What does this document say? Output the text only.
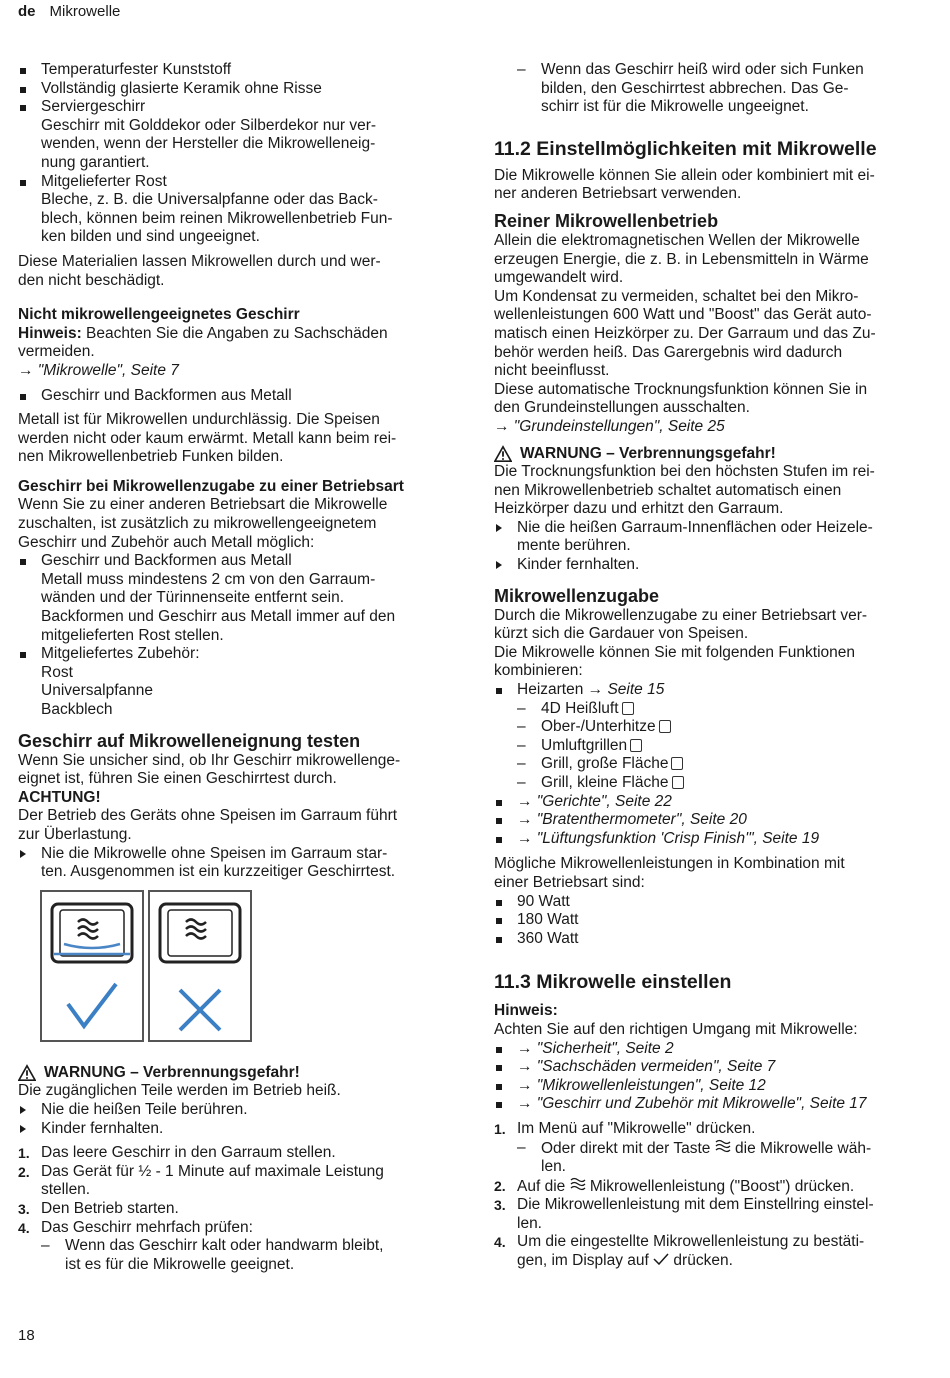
de Mikrowelle
Temperaturfester Kunststoff
Vollständig glasierte Keramik ohne Risse
Serviergeschirr
Geschirr mit Golddekor oder Silberdekor nur ver-
wenden, wenn der Hersteller die Mikrowelleneig-
nung garantiert.
Mitgelieferter Rost
Bleche, z. B. die Universalpfanne oder das Back-
blech, können beim reinen Mikrowellenbetrieb Fun-
ken bilden und sind ungeeignet.

Diese Materialien lassen Mikrowellen durch und wer-
den nicht beschädigt.

Nicht mikrowellengeeignetes Geschirr

Hinweis: Beachten Sie die Angaben zu Sachschäden
vermeiden.

→ "Mikrowelle", Seite 7

Geschirr und Backformen aus Metall

Metall ist für Mikrowellen undurchlässig. Die Speisen
werden nicht oder kaum erwärmt. Metall kann beim rei-
nen Mikrowellenbetrieb Funken bilden.

Geschirr bei Mikrowellenzugabe zu einer Betriebsart

Wenn Sie zu einer anderen Betriebsart die Mikrowelle
zuschalten, ist zusätzlich zu mikrowellengeeignetem
Geschirr und Zubehör auch Metall möglich:

Geschirr und Backformen aus Metall
Metall muss mindestens 2 cm von den Garraum-
wänden und der Türinnenseite entfernt sein.
Backformen und Geschirr aus Metall immer auf den
mitgelieferten Rost stellen.
Mitgeliefertes Zubehör:
Rost
Universalpfanne
Backblech
Geschirr auf Mikrowelleneignung testen

Wenn Sie unsicher sind, ob Ihr Geschirr mikrowellenge-
eignet ist, führen Sie einen Geschirrtest durch.

ACHTUNG!

Der Betrieb des Geräts ohne Speisen im Garraum führt
zur Überlastung.

Nie die Mikrowelle ohne Speisen im Garraum star-
ten. Ausgenommen ist ein kurzzeitiger Geschirrtest.
WARNUNG – Verbrennungsgefahr!

Die zugänglichen Teile werden im Betrieb heiß.

Nie die heißen Teile berühren.
Kinder fernhalten.
1. Das leere Geschirr in den Garraum stellen.
2. Das Gerät für ½ - 1 Minute auf maximale Leistung
stellen.
3. Den Betrieb starten.
4. Das Geschirr mehrfach prüfen:
– Wenn das Geschirr kalt oder handwarm bleibt,
ist es für die Mikrowelle geeignet.
– Wenn das Geschirr heiß wird oder sich Funken
bilden, den Geschirrtest abbrechen. Das Ge-
schirr ist für die Mikrowelle ungeeignet.
11.2 Einstellmöglichkeiten mit Mikrowelle

Die Mikrowelle können Sie allein oder kombiniert mit ei-
ner anderen Betriebsart verwenden.

Reiner Mikrowellenbetrieb

Allein die elektromagnetischen Wellen der Mikrowelle
erzeugen Energie, die z. B. in Lebensmitteln in Wärme
umgewandelt wird.
Um Kondensat zu vermeiden, schaltet bei den Mikro-
wellenleistungen 600 Watt und "Boost" das Gerät auto-
matisch einen Heizkörper zu. Der Garraum und das Zu-
behör werden heiß. Das Garergebnis wird dadurch
nicht beeinflusst.
Diese automatische Trocknungsfunktion können Sie in
den Grundeinstellungen ausschalten.

→ "Grundeinstellungen", Seite 25

WARNUNG – Verbrennungsgefahr!

Die Trocknungsfunktion bei den höchsten Stufen im rei-
nen Mikrowellenbetrieb schaltet automatisch einen
Heizkörper dazu und erhitzt den Garraum.

Nie die heißen Garraum-Innenflächen oder Heizele-
mente berühren.
Kinder fernhalten.
Mikrowellenzugabe

Durch die Mikrowellenzugabe zu einer Betriebsart ver-
kürzt sich die Gardauer von Speisen.
Die Mikrowelle können Sie mit folgenden Funktionen
kombinieren:

Heizarten → Seite 15
– 4D Heißluft
– Ober-/Unterhitze
– Umluftgrillen
– Grill, große Fläche
– Grill, kleine Fläche
→ "Gerichte", Seite 22
→ "Bratenthermometer", Seite 20
→ "Lüftungsfunktion 'Crisp Finish'", Seite 19

Mögliche Mikrowellenleistungen in Kombination mit
einer Betriebsart sind:

90 Watt
180 Watt
360 Watt
11.3 Mikrowelle einstellen

Hinweis:

Achten Sie auf den richtigen Umgang mit Mikrowelle:

→ "Sicherheit", Seite 2
→ "Sachschäden vermeiden", Seite 7
→ "Mikrowellenleistungen", Seite 12
→ "Geschirr und Zubehör mit Mikrowelle", Seite 17
1. Im Menü auf "Mikrowelle" drücken.
– Oder direkt mit der Taste  die Mikrowelle wäh-
len.
2. Auf die  Mikrowellenleistung ("Boost") drücken.
3. Die Mikrowellenleistung mit dem Einstellring einstel-
len.
4. Um die eingestellte Mikrowellenleistung zu bestäti-
gen, im Display auf  drücken.
18
